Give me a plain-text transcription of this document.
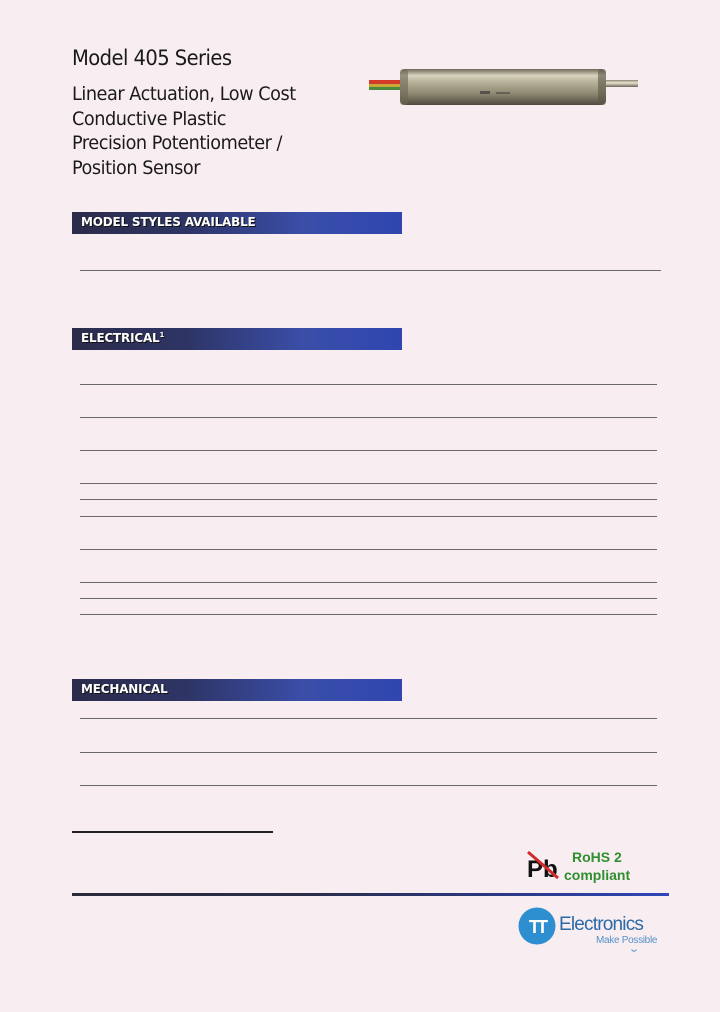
Model 405 Series
Linear Actuation, Low Cost
Conductive Plastic
Precision Potentiometer /
Position Sensor
MODEL STYLES AVAILABLE
ELECTRICAL$^1$
MECHANICAL
Pb RoHS 2
compliant
TT Electronics
Make Possible
